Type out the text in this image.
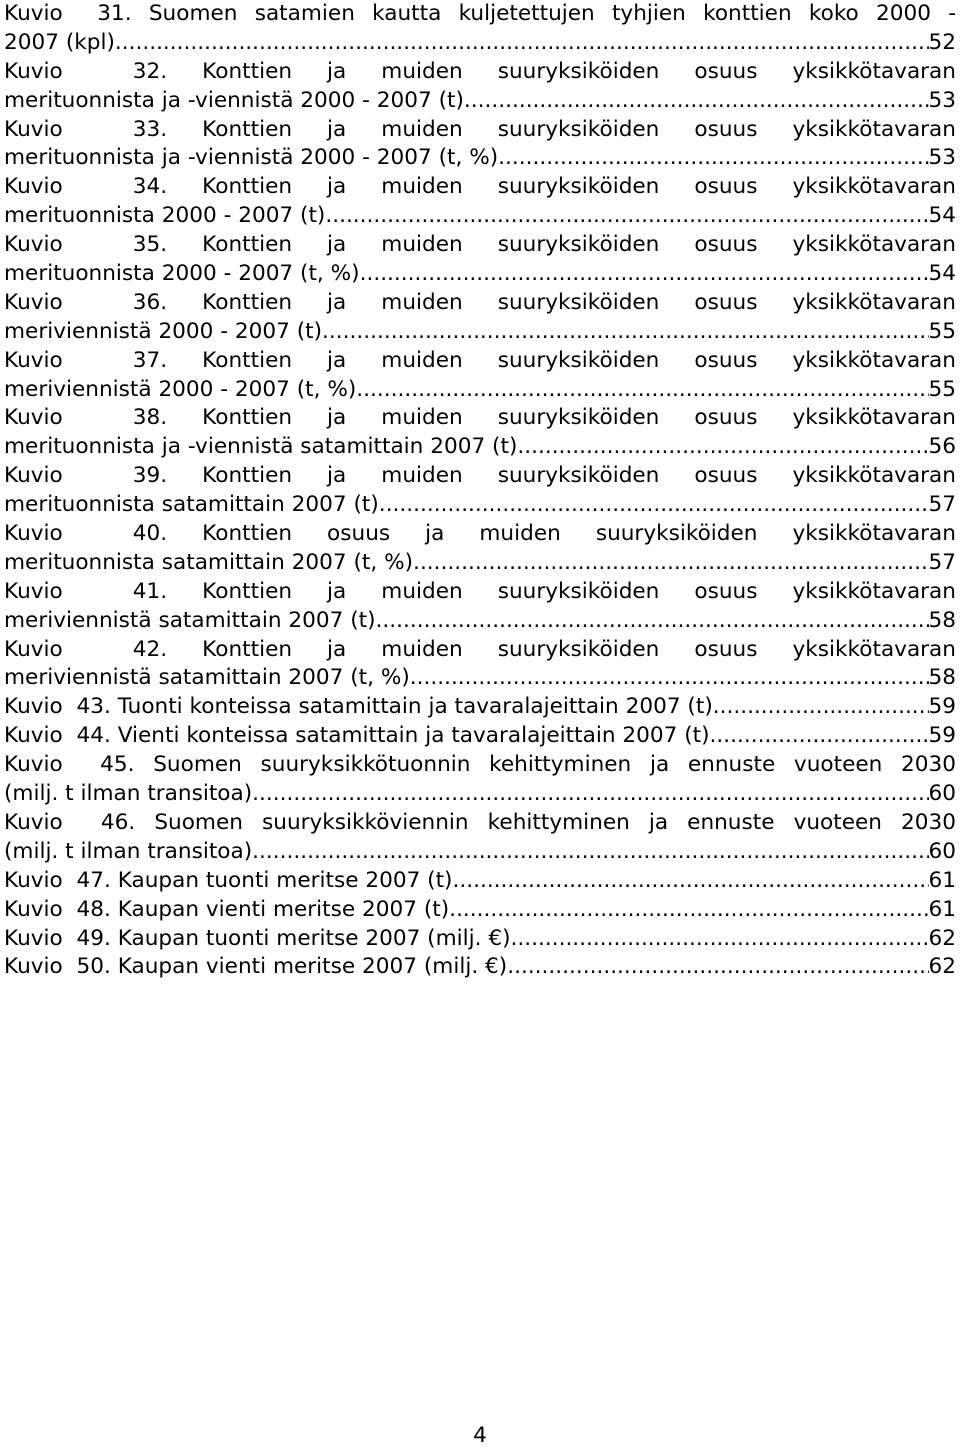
Kuvio 31. Suomen satamien kautta kuljetettujen tyhjien konttien koko 2000 -
2007 (kpl). .....	52
Kuvio	32. Konttien ja muiden suuryksiköiden osuus yksikkötavaran
merituonnista ja -viennistä 2000 - 2007 (t). .....	53
Kuvio	33. Konttien ja muiden suuryksiköiden osuus yksikkötavaran
merituonnista ja -viennistä 2000 - 2007 (t, %). .....	53
Kuvio	34. Konttien ja muiden suuryksiköiden osuus yksikkötavaran
merituonnista 2000 - 2007 (t). .....	54
Kuvio	35. Konttien ja muiden suuryksiköiden osuus yksikkötavaran
merituonnista 2000 - 2007 (t, %). .....	54
Kuvio	36. Konttien ja muiden suuryksiköiden osuus yksikkötavaran
meriviennistä 2000 - 2007 (t). .....	55
Kuvio	37. Konttien ja muiden suuryksiköiden osuus yksikkötavaran
meriviennistä 2000 - 2007 (t, %). .....	55
Kuvio	38. Konttien ja muiden suuryksiköiden osuus yksikkötavaran
merituonnista ja -viennistä satamittain 2007 (t). .....	56
Kuvio	39. Konttien ja muiden suuryksiköiden osuus yksikkötavaran
merituonnista satamittain 2007 (t). .....	57
Kuvio	40. Konttien osuus ja muiden suuryksiköiden yksikkötavaran
merituonnista satamittain 2007 (t, %). .....	57
Kuvio	41. Konttien ja muiden suuryksiköiden osuus yksikkötavaran
meriviennistä satamittain 2007 (t). .....	58
Kuvio	42. Konttien ja muiden suuryksiköiden osuus yksikkötavaran
meriviennistä satamittain 2007 (t, %). .....	58
Kuvio 43. Tuonti konteissa satamittain ja tavaralajeittain 2007 (t). .....	59
Kuvio 44. Vienti konteissa satamittain ja tavaralajeittain 2007 (t). .....	59
Kuvio 45. Suomen suuryksikkötuonnin kehittyminen ja ennuste vuoteen 2030
(milj. t ilman transitoa). .....	60
Kuvio 46. Suomen suuryksikköviennin kehittyminen ja ennuste vuoteen 2030
(milj. t ilman transitoa). .....	60
Kuvio 47. Kaupan tuonti meritse 2007 (t). .....	61
Kuvio 48. Kaupan vienti meritse 2007 (t). .....	61
Kuvio 49. Kaupan tuonti meritse 2007 (milj. €). .....	62
Kuvio 50. Kaupan vienti meritse 2007 (milj. €). .....	62
4
